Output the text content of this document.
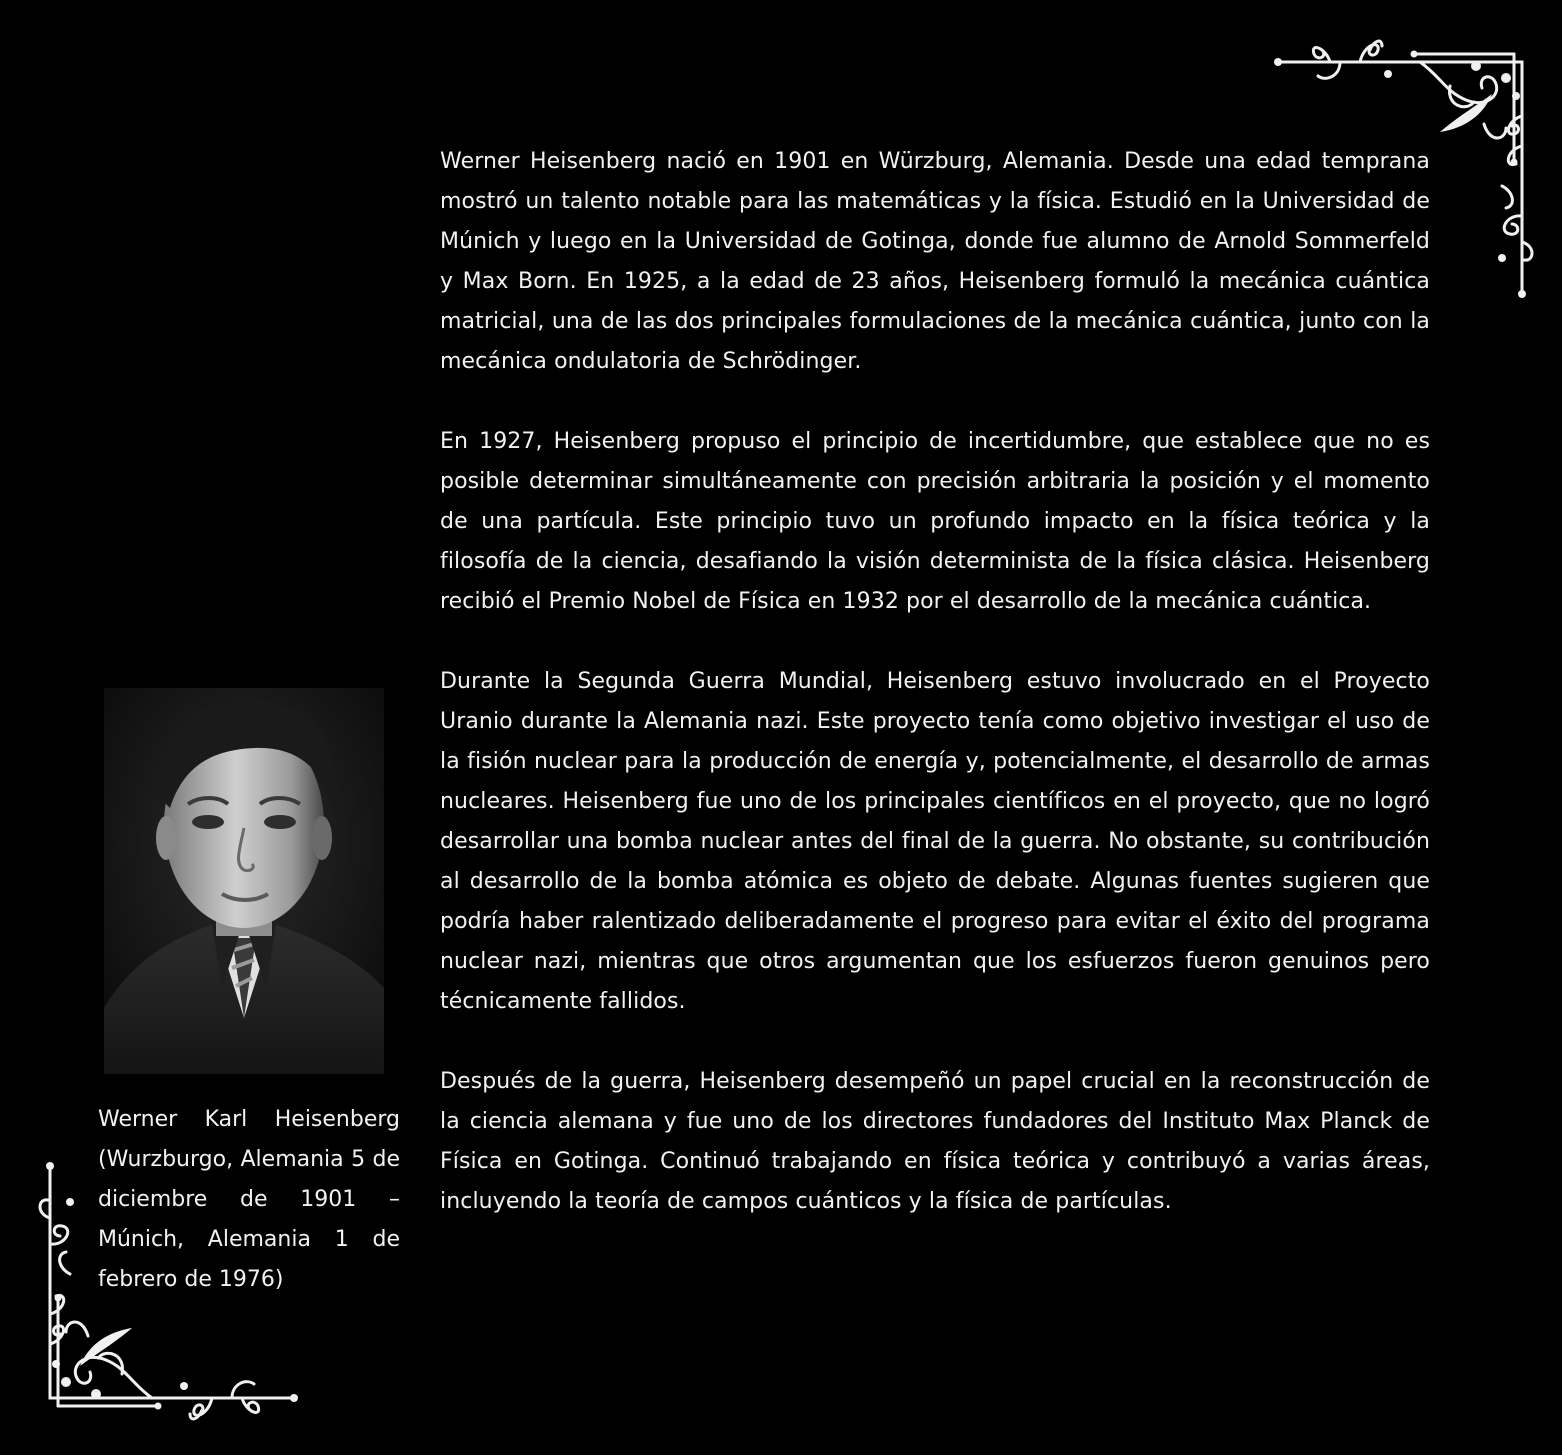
Werner Karl Heisenberg (Wurzburgo, Alemania 5 de diciembre de 1901 – Múnich, Alemania 1 de febrero de 1976)

Werner Heisenberg nació en 1901 en Würzburg, Alemania. Desde una edad temprana mostró un talento notable para las matemáticas y la física. Estudió en la Universidad de Múnich y luego en la Universidad de Gotinga, donde fue alumno de Arnold Sommerfeld y Max Born. En 1925, a la edad de 23 años, Heisenberg formuló la mecánica cuántica matricial, una de las dos principales formulaciones de la mecánica cuántica, junto con la mecánica ondulatoria de Schrödinger.

En 1927, Heisenberg propuso el principio de incertidumbre, que establece que no es posible determinar simultáneamente con precisión arbitraria la posición y el momento de una partícula. Este principio tuvo un profundo impacto en la física teórica y la filosofía de la ciencia, desafiando la visión determinista de la física clásica. Heisenberg recibió el Premio Nobel de Física en 1932 por el desarrollo de la mecánica cuántica.

Durante la Segunda Guerra Mundial, Heisenberg estuvo involucrado en el Proyecto Uranio durante la Alemania nazi. Este proyecto tenía como objetivo investigar el uso de la fisión nuclear para la producción de energía y, potencialmente, el desarrollo de armas nucleares. Heisenberg fue uno de los principales científicos en el proyecto, que no logró desarrollar una bomba nuclear antes del final de la guerra. No obstante, su contribución al desarrollo de la bomba atómica es objeto de debate. Algunas fuentes sugieren que podría haber ralentizado deliberadamente el progreso para evitar el éxito del programa nuclear nazi, mientras que otros argumentan que los esfuerzos fueron genuinos pero técnicamente fallidos.

Después de la guerra, Heisenberg desempeñó un papel crucial en la reconstrucción de la ciencia alemana y fue uno de los directores fundadores del Instituto Max Planck de Física en Gotinga. Continuó trabajando en física teórica y contribuyó a varias áreas, incluyendo la teoría de campos cuánticos y la física de partículas.
